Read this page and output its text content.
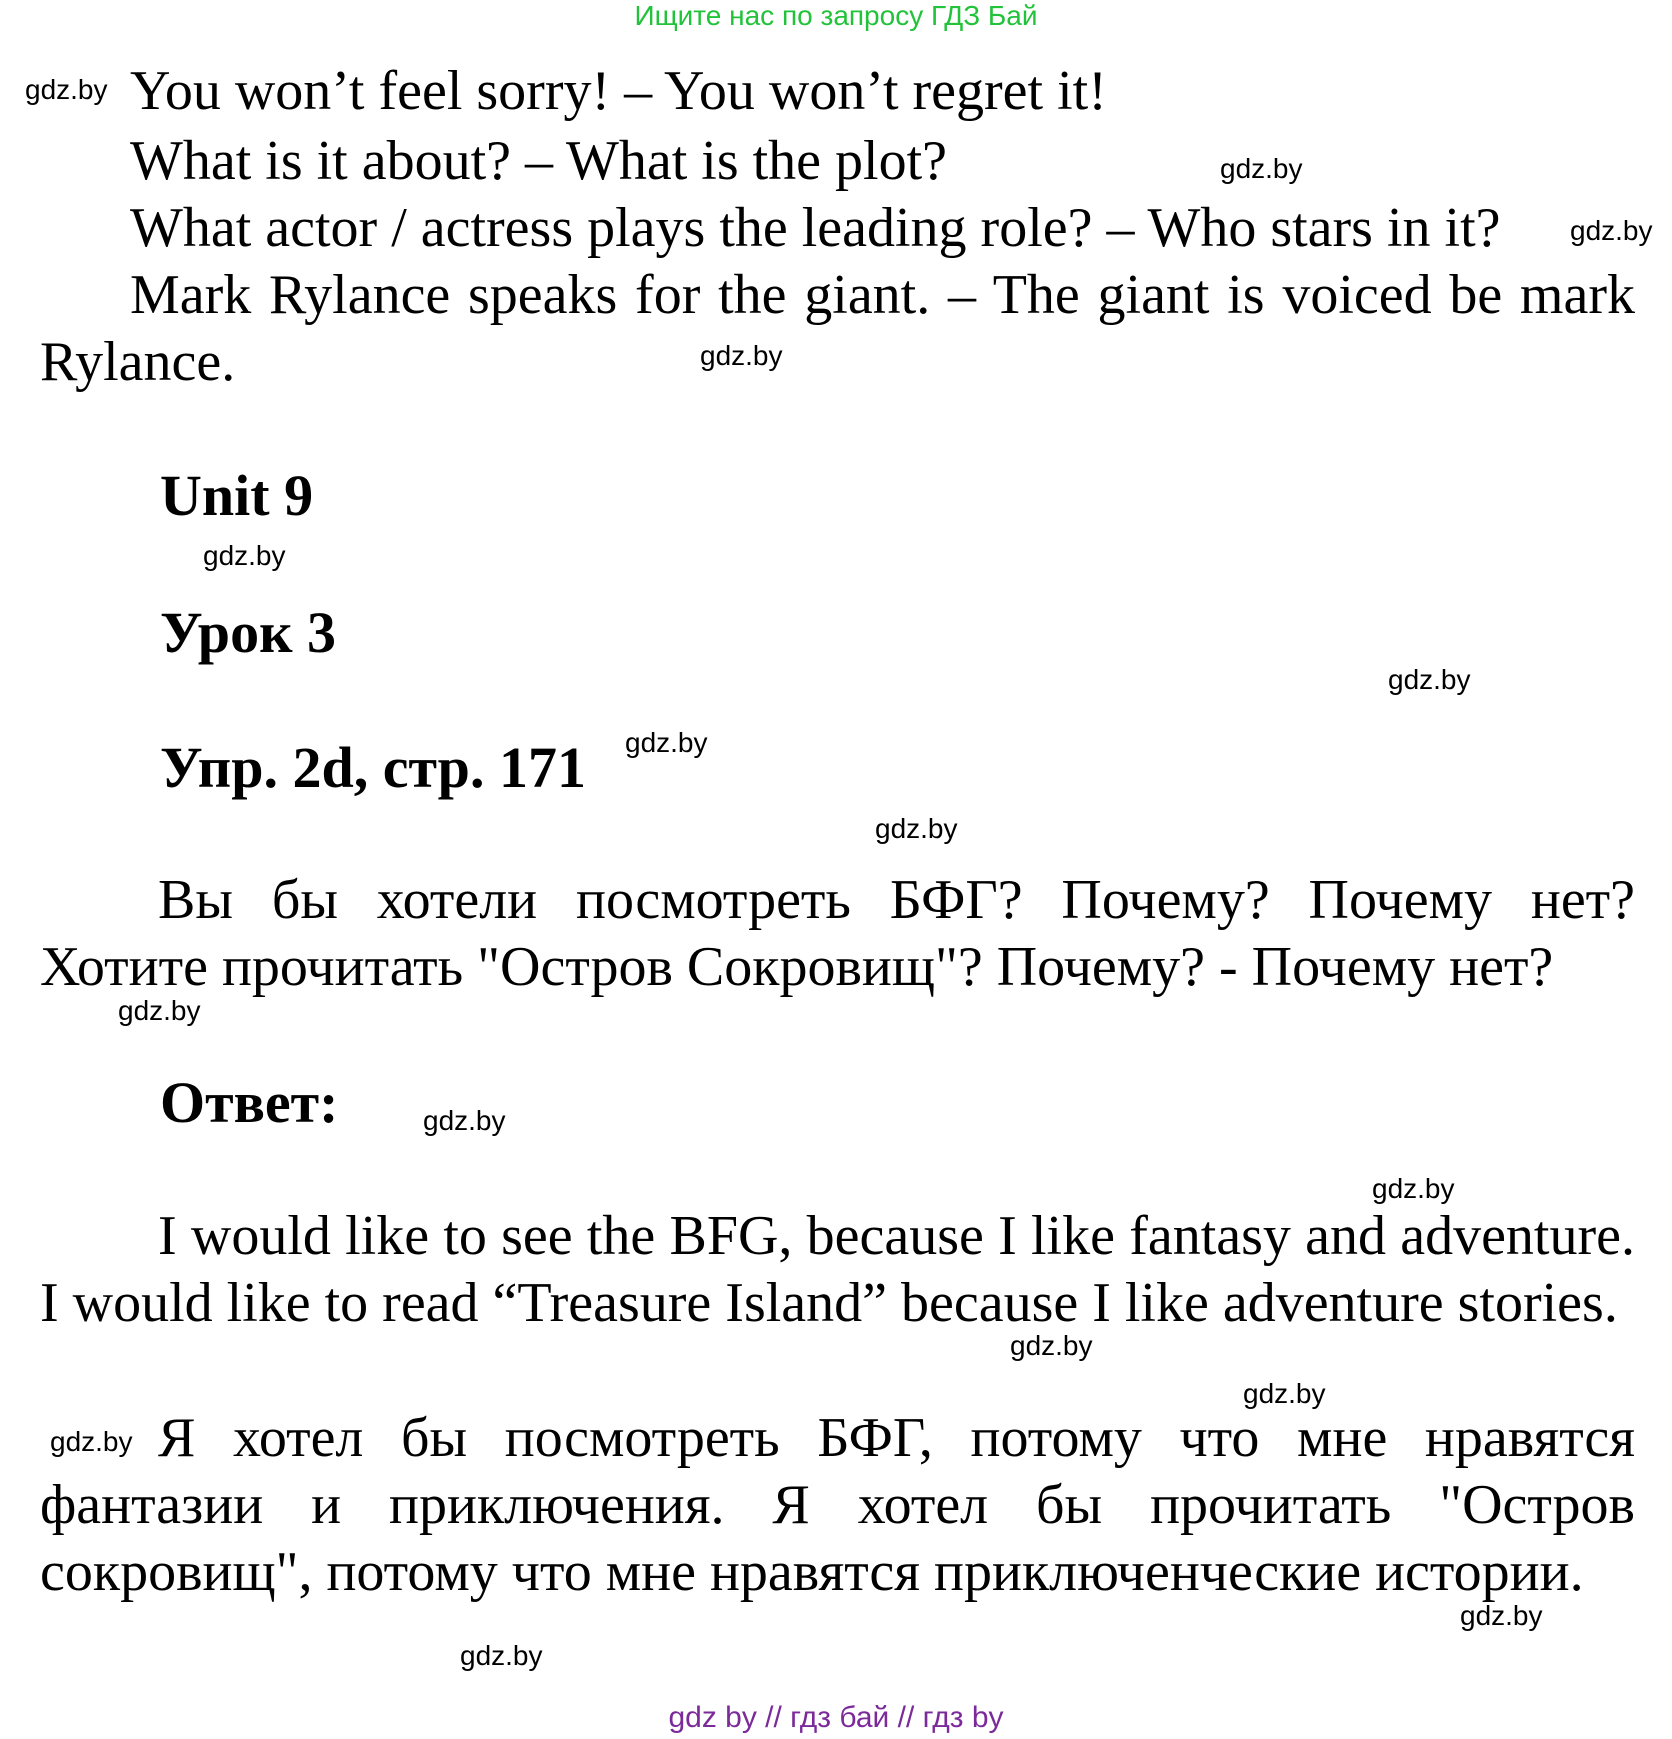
Ищите нас по запросу ГДЗ Бай
You won’t feel sorry! – You won’t regret it!
What is it about? – What is the plot?
What actor / actress plays the leading role? – Who stars in it?
Mark Rylance speaks for the giant. – The giant is voiced be mark Rylance.
Unit 9
Урок 3
Упр. 2d, стр. 171
Вы бы хотели посмотреть БФГ? Почему? Почему нет? Хотите прочитать "Остров Сокровищ"? Почему? - Почему нет?
Ответ:
I would like to see the BFG, because I like fantasy and adventure. I would like to read “Treasure Island” because I like adventure stories.
Я хотел бы посмотреть БФГ, потому что мне нравятся фантазии и приключения. Я хотел бы прочитать "Остров сокровищ", потому что мне нравятся приключенческие истории.
gdz.by
gdz.by
gdz.by
gdz.by
gdz.by
gdz.by
gdz.by
gdz.by
gdz.by
gdz.by
gdz.by
gdz.by
gdz.by
gdz.by
gdz.by
gdz.by
gdz by // гдз бай // гдз by
